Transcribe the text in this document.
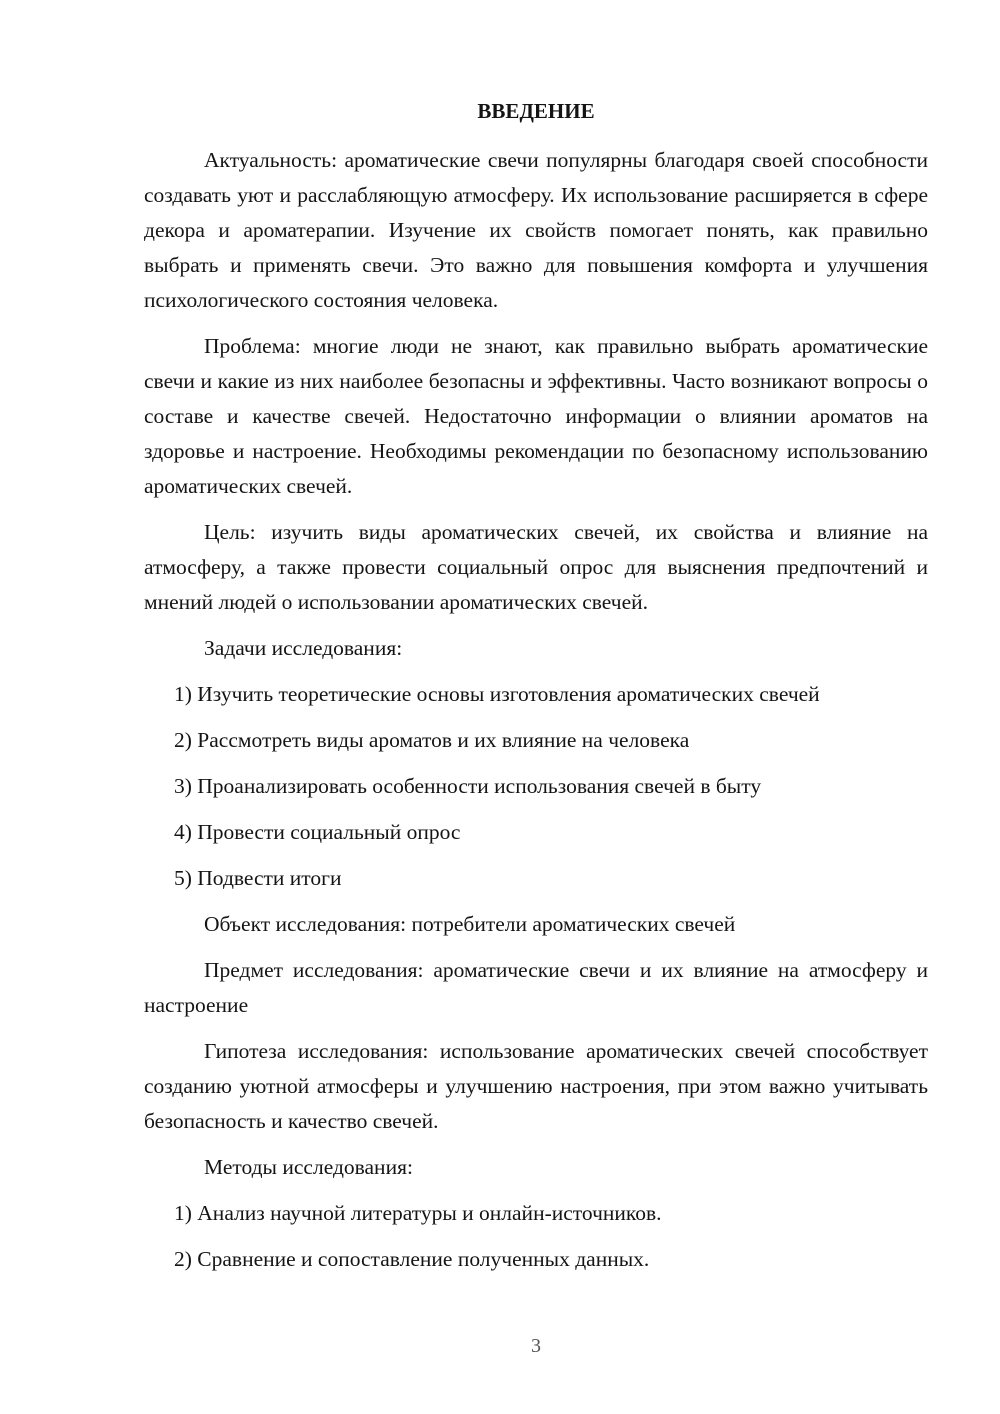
ВВЕДЕНИЕ

Актуальность: ароматические свечи популярны благодаря своей способности создавать уют и расслабляющую атмосферу. Их использование расширяется в сфере декора и ароматерапии. Изучение их свойств помогает понять, как правильно выбрать и применять свечи. Это важно для повышения комфорта и улучшения психологического состояния человека.

Проблема: многие люди не знают, как правильно выбрать ароматические свечи и какие из них наиболее безопасны и эффективны. Часто возникают вопросы о составе и качестве свечей. Недостаточно информации о влиянии ароматов на здоровье и настроение. Необходимы рекомендации по безопасному использованию ароматических свечей.

Цель: изучить виды ароматических свечей, их свойства и влияние на атмосферу, а также провести социальный опрос для выяснения предпочтений и мнений людей о использовании ароматических свечей.

Задачи исследования:

1) Изучить теоретические основы изготовления ароматических свечей

2) Рассмотреть виды ароматов и их влияние на человека

3) Проанализировать особенности использования свечей в быту

4) Провести социальный опрос

5) Подвести итоги

Объект исследования: потребители ароматических свечей

Предмет исследования: ароматические свечи и их влияние на атмосферу и настроение

Гипотеза исследования: использование ароматических свечей способствует созданию уютной атмосферы и улучшению настроения, при этом важно учитывать безопасность и качество свечей.

Методы исследования:

1) Анализ научной литературы и онлайн-источников.

2) Сравнение и сопоставление полученных данных.

3
